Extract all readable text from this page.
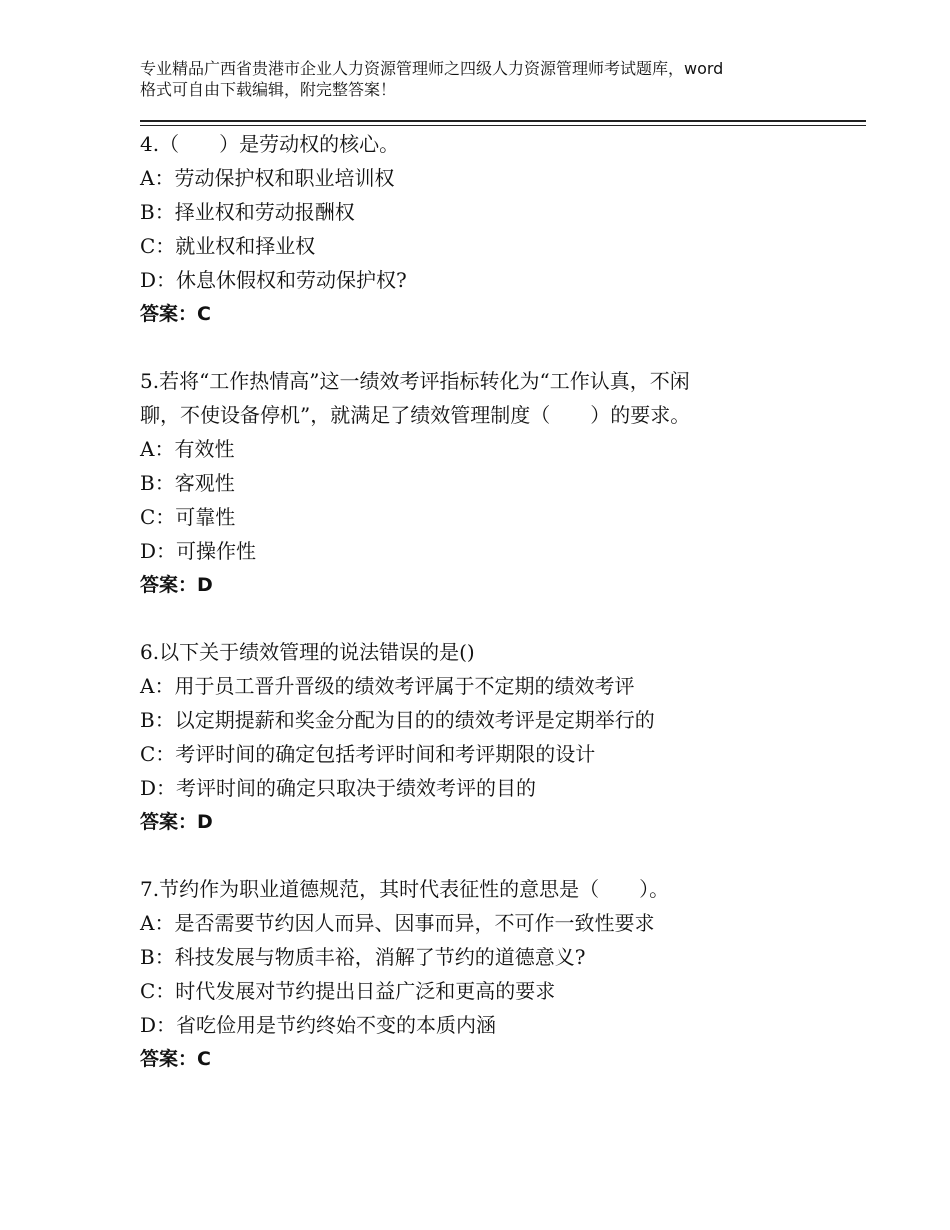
专业精品广西省贵港市企业人力资源管理师之四级人力资源管理师考试题库，word
格式可自由下载编辑，附完整答案！
4.（　　）是劳动权的核心。
A：劳动保护权和职业培训权
B：择业权和劳动报酬权
C：就业权和择业权
D：休息休假权和劳动保护权?
答案：C
5.若将“工作热情高”这一绩效考评指标转化为“工作认真，不闲
聊，不使设备停机”，就满足了绩效管理制度（　　）的要求。
A：有效性
B：客观性
C：可靠性
D：可操作性
答案：D
6.以下关于绩效管理的说法错误的是()
A：用于员工晋升晋级的绩效考评属于不定期的绩效考评
B：以定期提薪和奖金分配为目的的绩效考评是定期举行的
C：考评时间的确定包括考评时间和考评期限的设计
D：考评时间的确定只取决于绩效考评的目的
答案：D
7.节约作为职业道德规范，其时代表征性的意思是（　　）。
A：是否需要节约因人而异、因事而异，不可作一致性要求
B：科技发展与物质丰裕，消解了节约的道德意义?
C：时代发展对节约提出日益广泛和更高的要求
D：省吃俭用是节约终始不变的本质内涵
答案：C
